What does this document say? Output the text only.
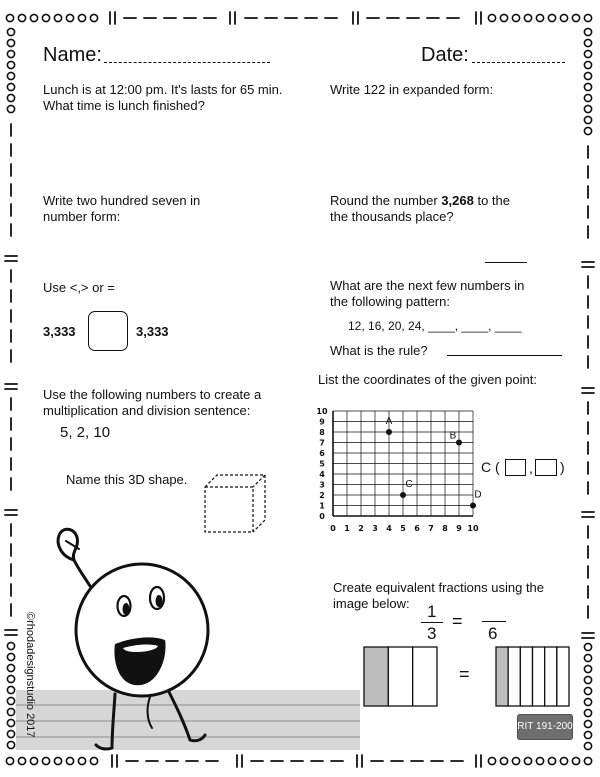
0 1 2 3 4 5 6 7 8 9 10
0
1
2
3
4
5
6
7
8
9
10
A
B
C
D
Name:	Date:
Lunch is at 12:00 pm. It's lasts for 65 min.
What time is lunch finished?
Write 122 in expanded form:
Write two hundred seven in
number form:
Round the number 3,268 to the
the thousands place?
Use <,> or =
3,333	3,333
What are the next few numbers in
the following pattern:
12, 16, 20, 24, ____, ____, ____
What is the rule?
Use the following numbers to create a
multiplication and division sentence:
5, 2, 10
List the coordinates of the given point:
C ( , )
Name this 3D shape.
Create equivalent fractions using the
image below:	1
3
=
6
=
©rhodadesignstudio 2017	RIT 191-200
